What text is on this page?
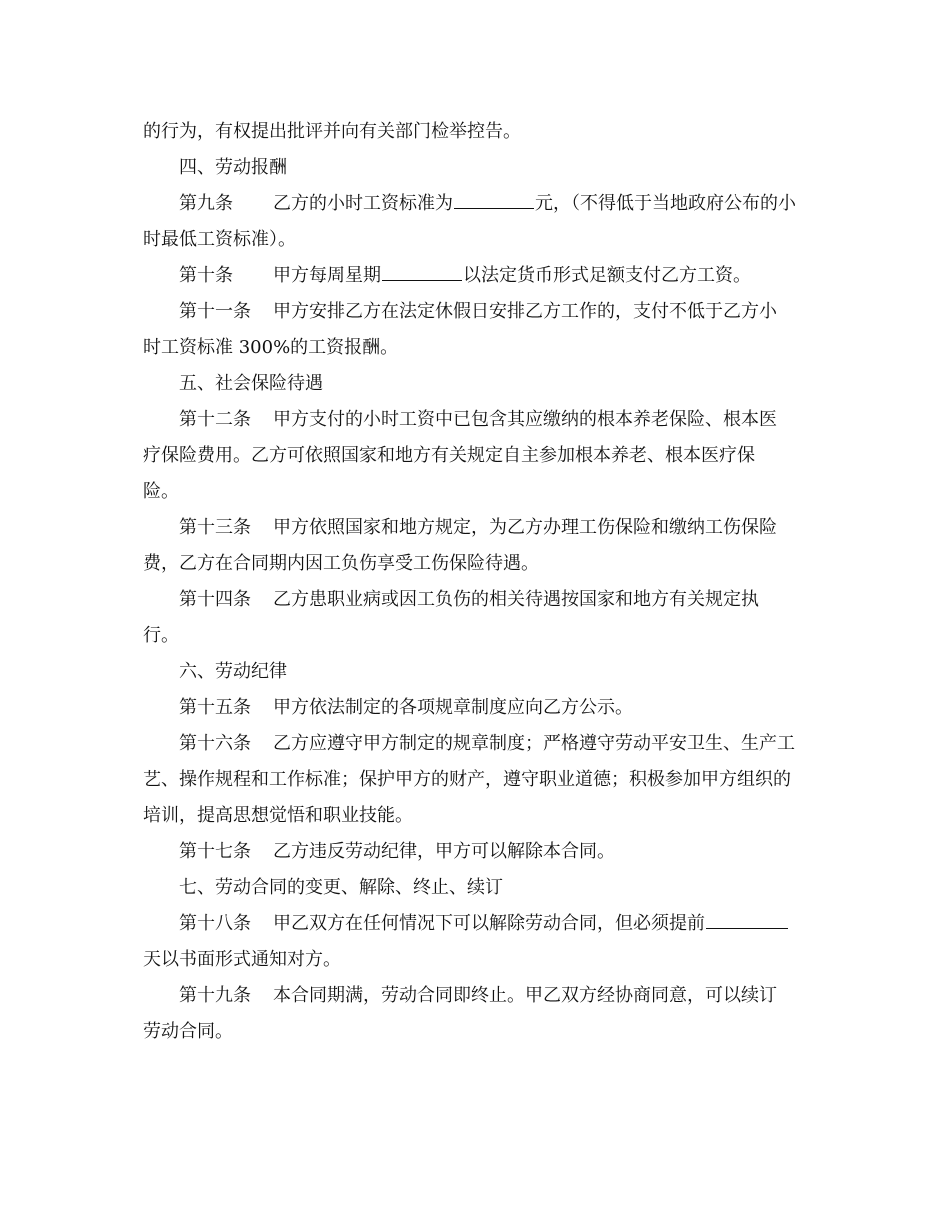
的行为，有权提出批评并向有关部门检举控告。
四、劳动报酬
第九条 乙方的小时工资标准为	元，（不得低于当地政府公布的小
时最低工资标准）。
第十条 甲方每周星期	以法定货币形式足额支付乙方工资。
第十一条 甲方安排乙方在法定休假日安排乙方工作的，支付不低于乙方小
时工资标准 300%的工资报酬。
五、社会保险待遇
第十二条 甲方支付的小时工资中已包含其应缴纳的根本养老保险、根本医
疗保险费用。乙方可依照国家和地方有关规定自主参加根本养老、根本医疗保
险。
第十三条 甲方依照国家和地方规定，为乙方办理工伤保险和缴纳工伤保险
费，乙方在合同期内因工负伤享受工伤保险待遇。
第十四条 乙方患职业病或因工负伤的相关待遇按国家和地方有关规定执
行。
六、劳动纪律
第十五条 甲方依法制定的各项规章制度应向乙方公示。
第十六条 乙方应遵守甲方制定的规章制度；严格遵守劳动平安卫生、生产工
艺、操作规程和工作标准；保护甲方的财产，遵守职业道德；积极参加甲方组织的
培训，提高思想觉悟和职业技能。
第十七条 乙方违反劳动纪律，甲方可以解除本合同。
七、劳动合同的变更、解除、终止、续订
第十八条 甲乙双方在任何情况下可以解除劳动合同，但必须提前
天以书面形式通知对方。
第十九条 本合同期满，劳动合同即终止。甲乙双方经协商同意，可以续订
劳动合同。
